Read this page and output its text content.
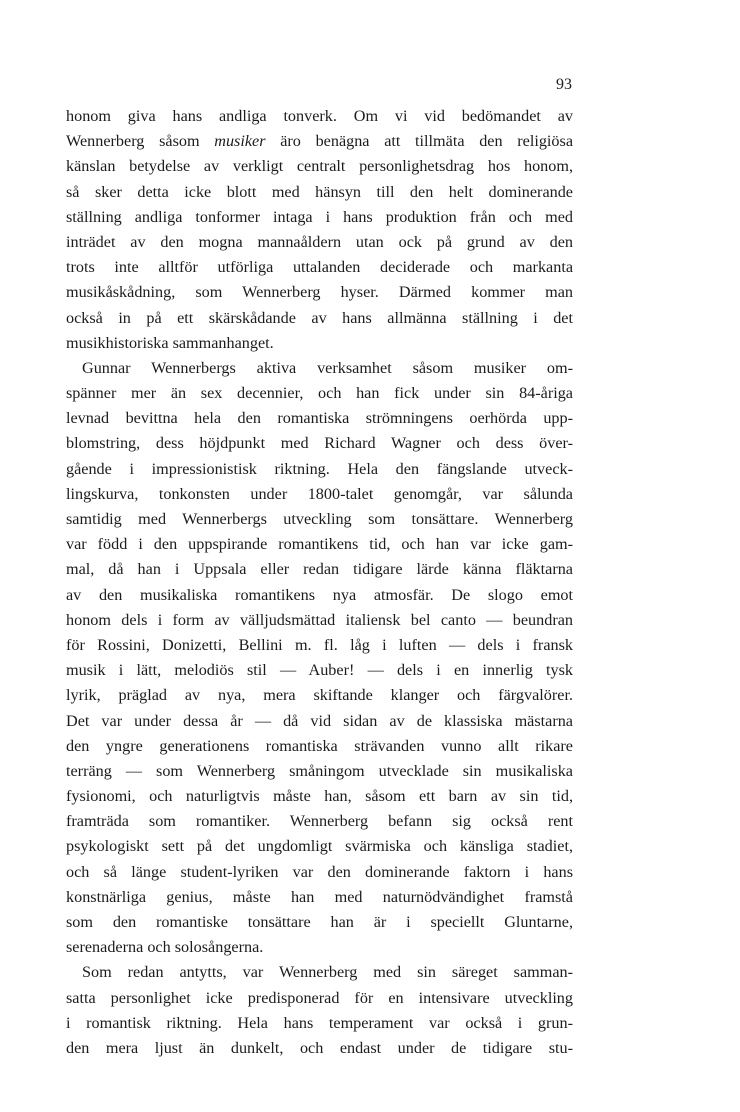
93
honom giva hans andliga tonverk. Om vi vid bedömandet av
Wennerberg såsom musiker äro benägna att tillmäta den religiösa
känslan betydelse av verkligt centralt personlighetsdrag hos honom,
så sker detta icke blott med hänsyn till den helt dominerande
ställning andliga tonformer intaga i hans produktion från och med
inträdet av den mogna mannaåldern utan ock på grund av den
trots inte alltför utförliga uttalanden deciderade och markanta
musikåskådning, som Wennerberg hyser. Därmed kommer man
också in på ett skärskådande av hans allmänna ställning i det
musikhistoriska sammanhanget.
Gunnar Wennerbergs aktiva verksamhet såsom musiker om-
spänner mer än sex decennier, och han fick under sin 84-åriga
levnad bevittna hela den romantiska strömningens oerhörda upp-
blomstring, dess höjdpunkt med Richard Wagner och dess över-
gående i impressionistisk riktning. Hela den fängslande utveck-
lingskurva, tonkonsten under 1800-talet genomgår, var sålunda
samtidig med Wennerbergs utveckling som tonsättare. Wennerberg
var född i den uppspirande romantikens tid, och han var icke gam-
mal, då han i Uppsala eller redan tidigare lärde känna fläktarna
av den musikaliska romantikens nya atmosfär. De slogo emot
honom dels i form av välljudsmättad italiensk bel canto — beundran
för Rossini, Donizetti, Bellini m. fl. låg i luften — dels i fransk
musik i lätt, melodiös stil — Auber! — dels i en innerlig tysk
lyrik, präglad av nya, mera skiftande klanger och färgvalörer.
Det var under dessa år — då vid sidan av de klassiska mästarna
den yngre generationens romantiska strävanden vunno allt rikare
terräng — som Wennerberg småningom utvecklade sin musikaliska
fysionomi, och naturligtvis måste han, såsom ett barn av sin tid,
framträda som romantiker. Wennerberg befann sig också rent
psykologiskt sett på det ungdomligt svärmiska och känsliga stadiet,
och så länge student-lyriken var den dominerande faktorn i hans
konstnärliga genius, måste han med naturnödvändighet framstå
som den romantiske tonsättare han är i speciellt Gluntarne,
serenaderna och solosångerna.
Som redan antytts, var Wennerberg med sin säreget samman-
satta personlighet icke predisponerad för en intensivare utveckling
i romantisk riktning. Hela hans temperament var också i grun-
den mera ljust än dunkelt, och endast under de tidigare stu-
